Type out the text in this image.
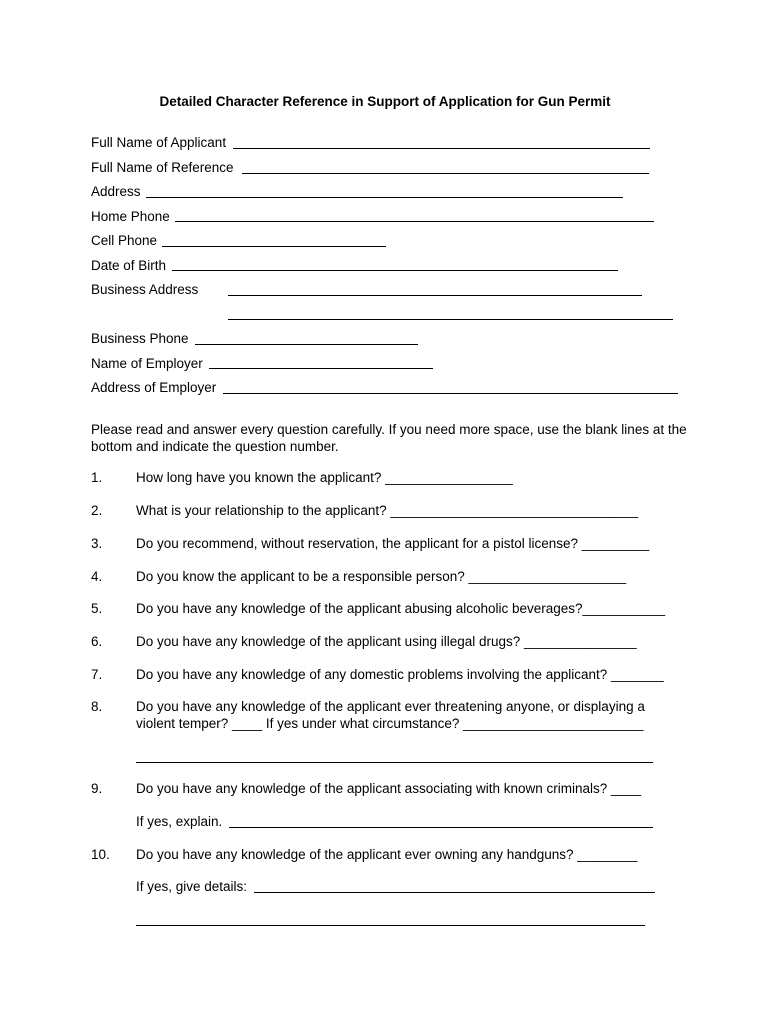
Detailed Character Reference in Support of Application for Gun Permit
Full Name of Applicant
Full Name of Reference
Address
Home Phone
Cell Phone
Date of Birth
Business Address
Business Phone
Name of Employer
Address of Employer
Please read and answer every question carefully. If you need more space, use the blank lines at the bottom and indicate the question number.
1. How long have you known the applicant? _________________
2. What is your relationship to the applicant? _________________________________
3. Do you recommend, without reservation, the applicant for a pistol license? _________
4. Do you know the applicant to be a responsible person? _____________________
5. Do you have any knowledge of the applicant abusing alcoholic beverages?___________
6. Do you have any knowledge of the applicant using illegal drugs? _______________
7. Do you have any knowledge of any domestic problems involving the applicant? _______
8. Do you have any knowledge of the applicant ever threatening anyone, or displaying a
violent temper? ____ If yes under what circumstance? ________________________
9. Do you have any knowledge of the applicant associating with known criminals? ____
If yes, explain.
10. Do you have any knowledge of the applicant ever owning any handguns? ________
If yes, give details:
